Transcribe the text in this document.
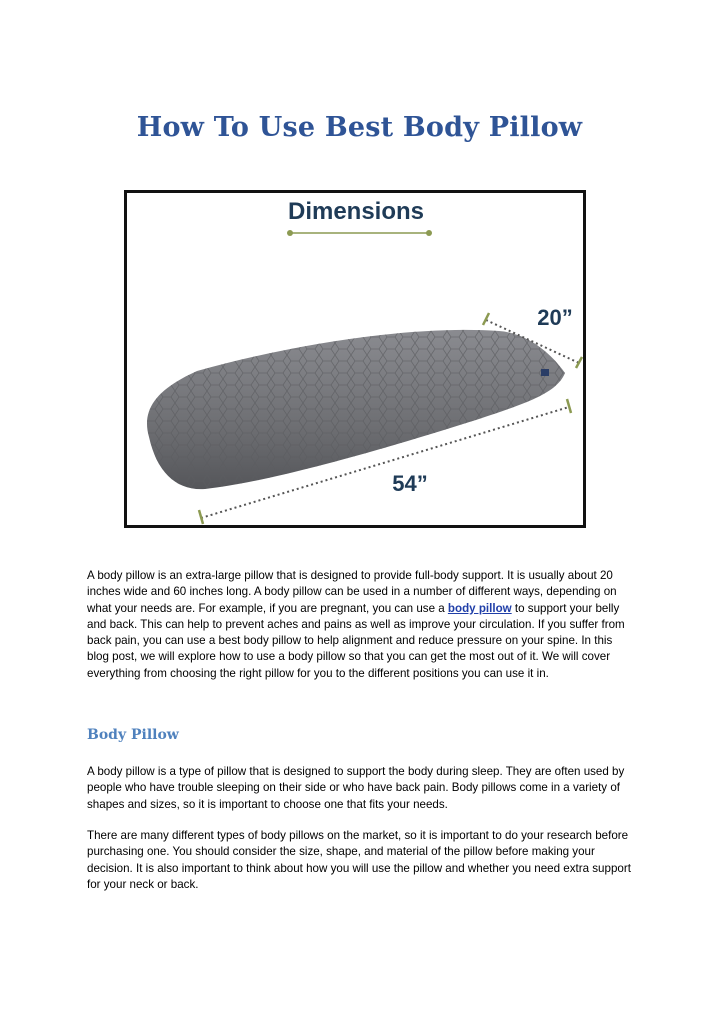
How To Use Best Body Pillow
Dimensions
20”
54”

A body pillow is an extra-large pillow that is designed to provide full-body support. It is usually about 20 inches wide and 60 inches long. A body pillow can be used in a number of different ways, depending on what your needs are. For example, if you are pregnant, you can use a body pillow to support your belly and back. This can help to prevent aches and pains as well as improve your circulation. If you suffer from back pain, you can use a best body pillow to help alignment and reduce pressure on your spine. In this blog post, we will explore how to use a body pillow so that you can get the most out of it. We will cover everything from choosing the right pillow for you to the different positions you can use it in.

Body Pillow

A body pillow is a type of pillow that is designed to support the body during sleep. They are often used by people who have trouble sleeping on their side or who have back pain. Body pillows come in a variety of shapes and sizes, so it is important to choose one that fits your needs.

There are many different types of body pillows on the market, so it is important to do your research before purchasing one. You should consider the size, shape, and material of the pillow before making your decision. It is also important to think about how you will use the pillow and whether you need extra support for your neck or back.
